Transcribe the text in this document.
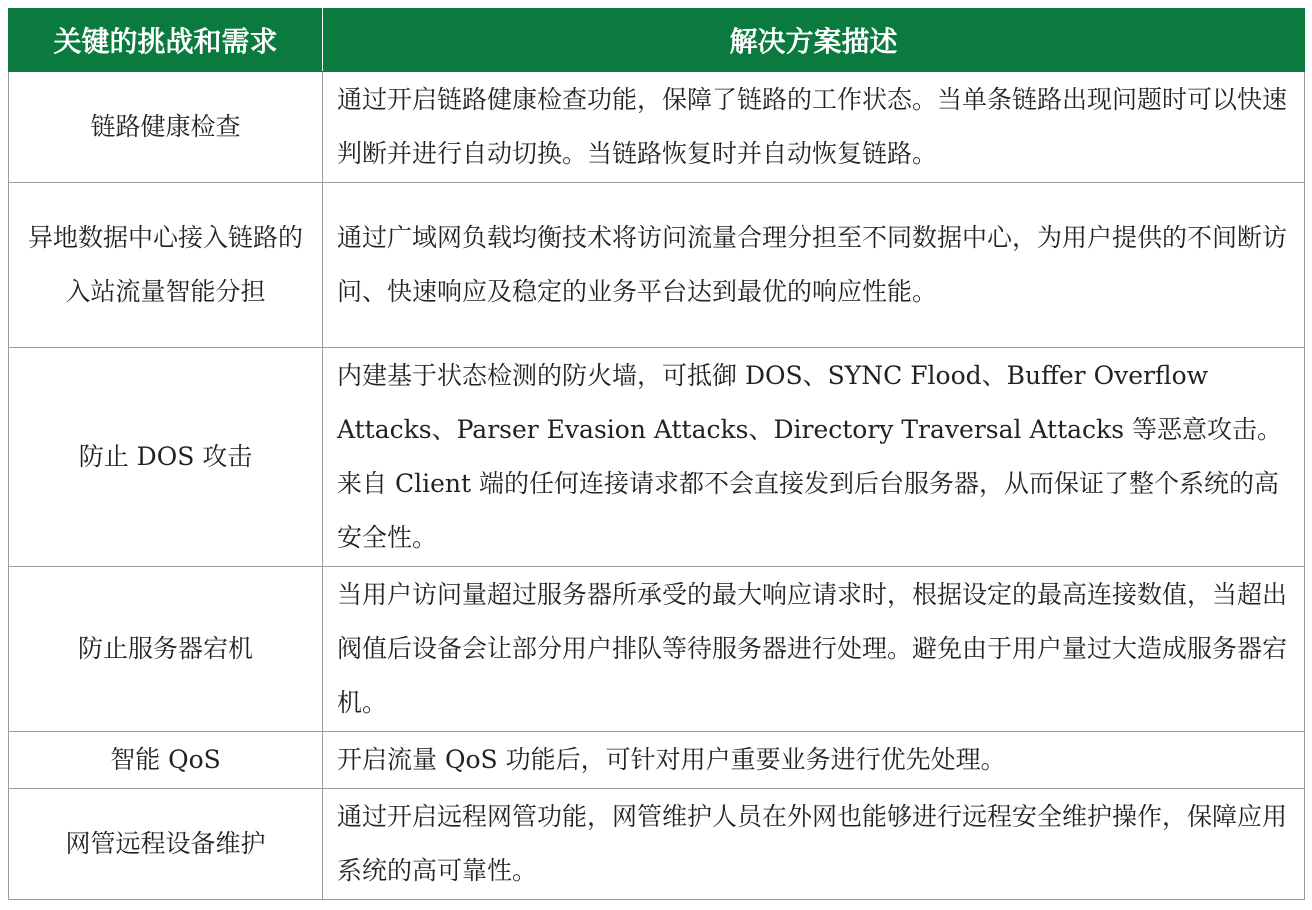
关键的挑战和需求	解决方案描述
链路健康检查	通过开启链路健康检查功能，保障了链路的工作状态。当单条链路出现问题时可以快速判断并进行自动切换。当链路恢复时并自动恢复链路。
异地数据中心接入链路的入站流量智能分担	通过广域网负载均衡技术将访问流量合理分担至不同数据中心，为用户提供的不间断访问、快速响应及稳定的业务平台达到最优的响应性能。
防止 DOS 攻击	内建基于状态检测的防火墙，可抵御 DOS、SYNC Flood、Buffer Overflow Attacks、Parser Evasion Attacks、Directory Traversal Attacks 等恶意攻击。来自 Client 端的任何连接请求都不会直接发到后台服务器，从而保证了整个系统的高安全性。
防止服务器宕机	当用户访问量超过服务器所承受的最大响应请求时，根据设定的最高连接数值，当超出阀值后设备会让部分用户排队等待服务器进行处理。避免由于用户量过大造成服务器宕机。
智能 QoS	开启流量 QoS 功能后，可针对用户重要业务进行优先处理。
网管远程设备维护	通过开启远程网管功能，网管维护人员在外网也能够进行远程安全维护操作，保障应用系统的高可靠性。
